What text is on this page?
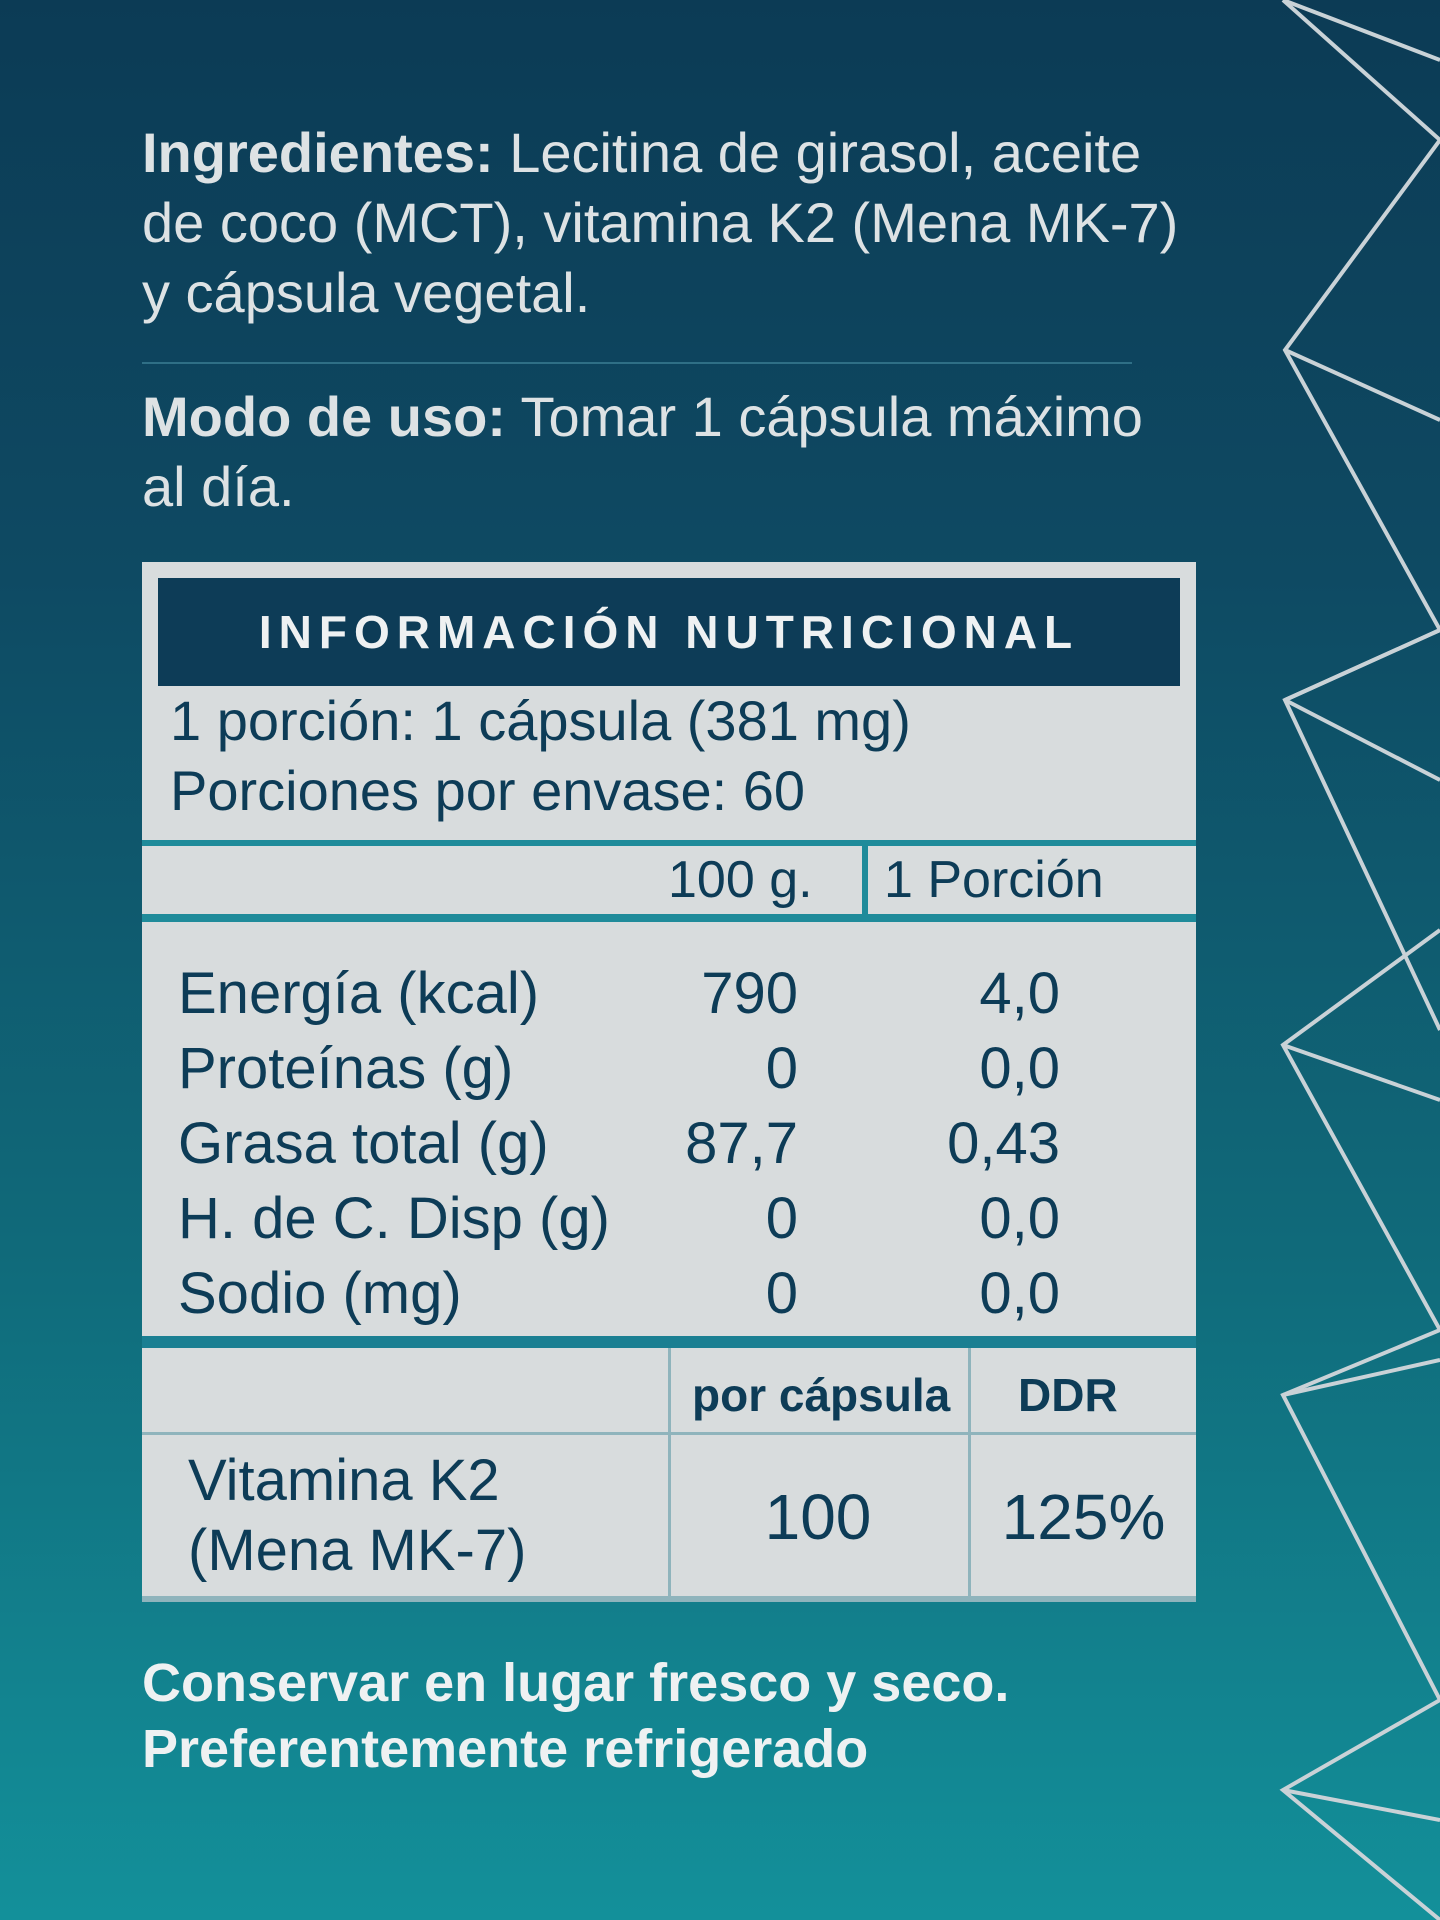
Ingredientes: Lecitina de girasol, aceite de coco (MCT), vitamina K2 (Mena MK-7) y cápsula vegetal.
Modo de uso: Tomar 1 cápsula máximo al día.
INFORMACIÓN NUTRICIONAL
1 porción: 1 cápsula (381 mg)
Porciones por envase: 60
100 g. 1 Porción
Energía (kcal)	790	4,0
Proteínas (g)	0	0,0
Grasa total (g) 87,7	0,43
H. de C. Disp (g)	0	0,0
Sodio (mg)	0	0,0
por cápsula DDR
Vitamina K2
(Mena MK-7)	100	125%
Conservar en lugar fresco y seco.
Preferentemente refrigerado
